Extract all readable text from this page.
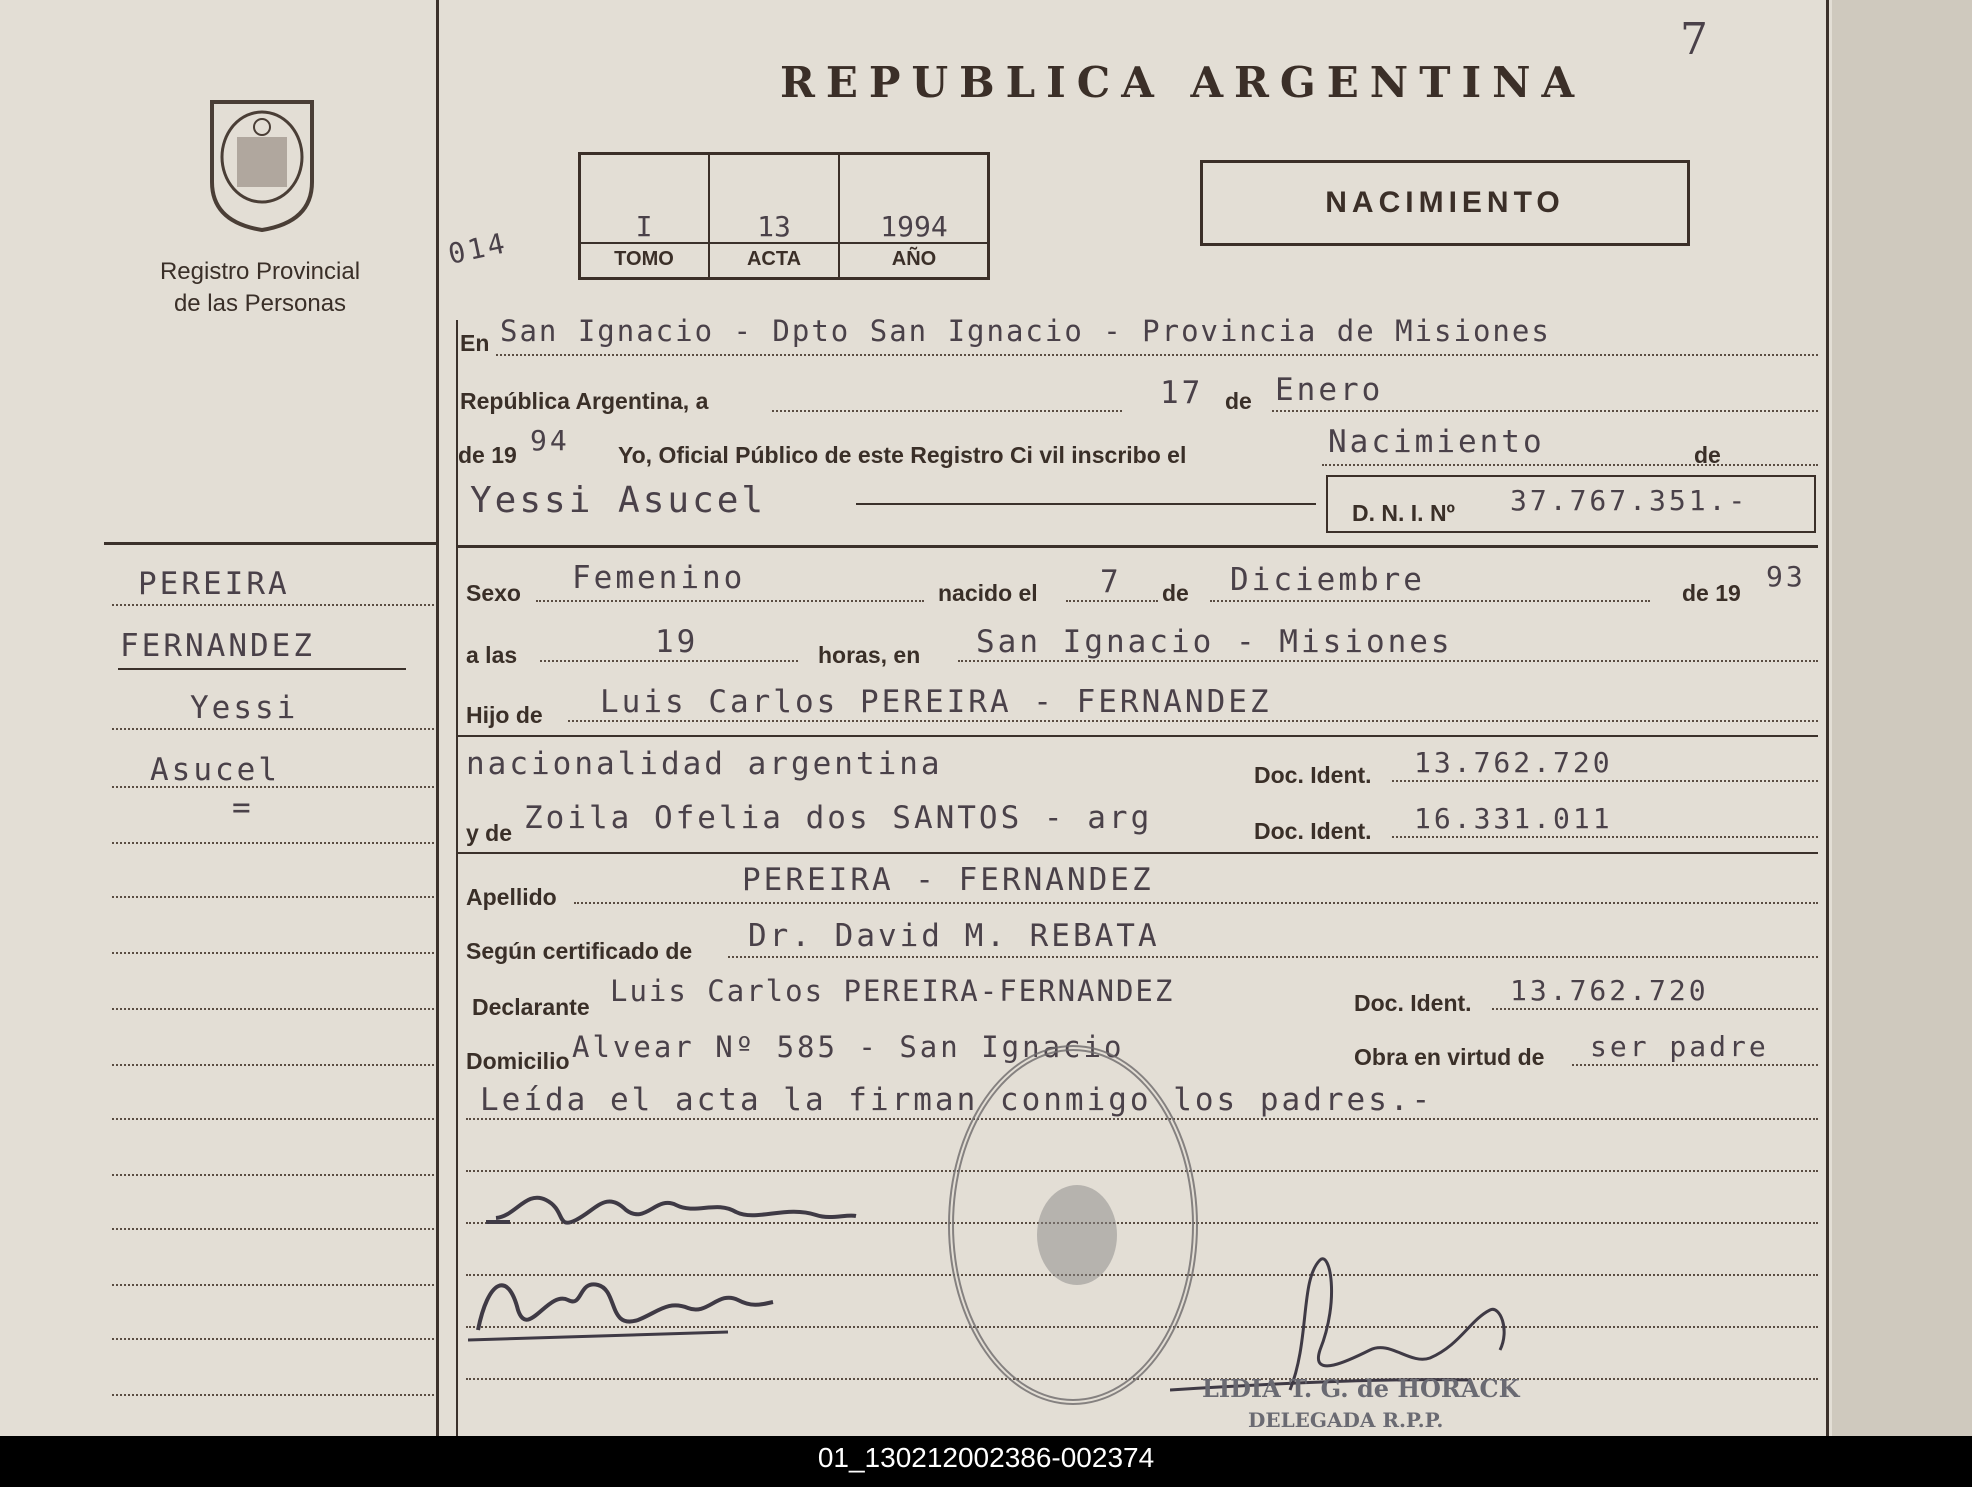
7
Registro Provincial
de las Personas
REPUBLICA ARGENTINA
I	13	1994
TOMO	ACTA	AÑO
014
NACIMIENTO
En San Ignacio - Dpto San Ignacio - Provincia de Misiones
República Argentina, a	17 de Enero
de 19 94 Yo, Oficial Público de este Registro Ci vil inscribo el	Nacimiento	de
Yessi Asucel	D. N. I. Nº 37.767.351.-
Sexo Femenino	nacido el 7 de Diciembre	de 19 93
a las	19	horas, en San Ignacio - Misiones
Hijo de Luis Carlos PEREIRA - FERNANDEZ
nacionalidad argentina	Doc. Ident. 13.762.720
y de Zoila Ofelia dos SANTOS - arg	Doc. Ident. 16.331.011
Apellido	PEREIRA - FERNANDEZ
Según certificado de Dr. David M. REBATA
Declarante Luis Carlos PEREIRA-FERNANDEZ	Doc. Ident. 13.762.720
Domicilio Alvear Nº 585 - San Ignacio	Obra en virtud de ser padre
Leída el acta la firman conmigo los padres.-
LIDIA T. G. de HORACK
DELEGADA R.P.P.
PEREIRA
FERNANDEZ
Yessi
Asucel
=
01_130212002386-002374
